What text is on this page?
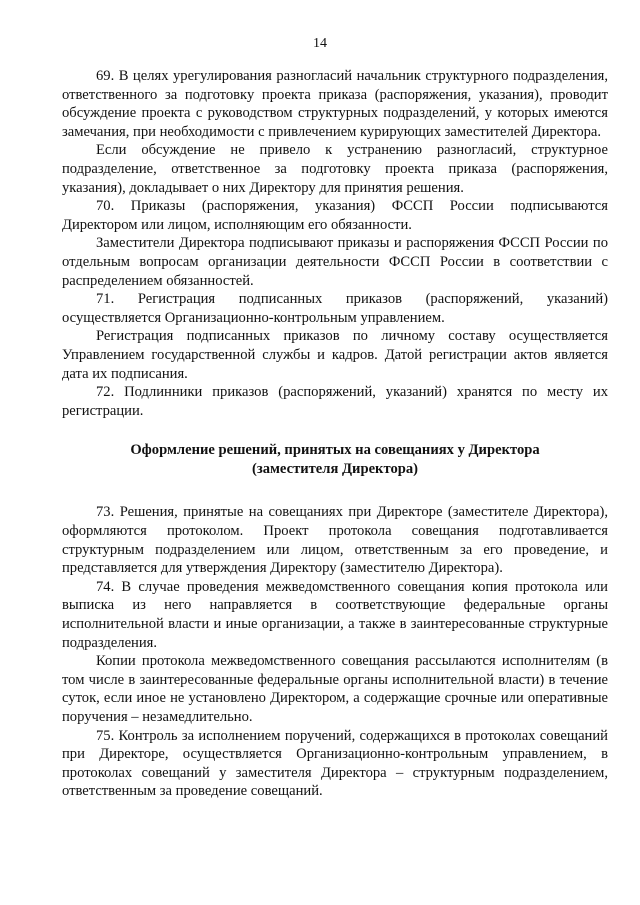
14

69. В целях урегулирования разногласий начальник структурного подразделения, ответственного за подготовку проекта приказа (распоряжения, указания), проводит обсуждение проекта с руководством структурных подразделений, у которых имеются замечания, при необходимости с привлечением курирующих заместителей Директора.

Если обсуждение не привело к устранению разногласий, структурное подразделение, ответственное за подготовку проекта приказа (распоряжения, указания), докладывает о них Директору для принятия решения.

70. Приказы (распоряжения, указания) ФССП России подписываются Директором или лицом, исполняющим его обязанности.

Заместители Директора подписывают приказы и распоряжения ФССП России по отдельным вопросам организации деятельности ФССП России в соответствии с распределением обязанностей.

71. Регистрация подписанных приказов (распоряжений, указаний) осуществляется Организационно-контрольным управлением.

Регистрация подписанных приказов по личному составу осуществляется Управлением государственной службы и кадров. Датой регистрации актов является дата их подписания.

72. Подлинники приказов (распоряжений, указаний) хранятся по месту их регистрации.

Оформление решений, принятых на совещаниях у Директора
(заместителя Директора)

73. Решения, принятые на совещаниях при Директоре (заместителе Директора), оформляются протоколом. Проект протокола совещания подготавливается структурным подразделением или лицом, ответственным за его проведение, и представляется для утверждения Директору (заместителю Директора).

74. В случае проведения межведомственного совещания копия протокола или выписка из него направляется в соответствующие федеральные органы исполнительной власти и иные организации, а также в заинтересованные структурные подразделения.

Копии протокола межведомственного совещания рассылаются исполнителям (в том числе в заинтересованные федеральные органы исполнительной власти) в течение суток, если иное не установлено Директором, а содержащие срочные или оперативные поручения – незамедлительно.

75. Контроль за исполнением поручений, содержащихся в протоколах совещаний при Директоре, осуществляется Организационно-контрольным управлением, в протоколах совещаний у заместителя Директора – структурным подразделением, ответственным за проведение совещаний.
